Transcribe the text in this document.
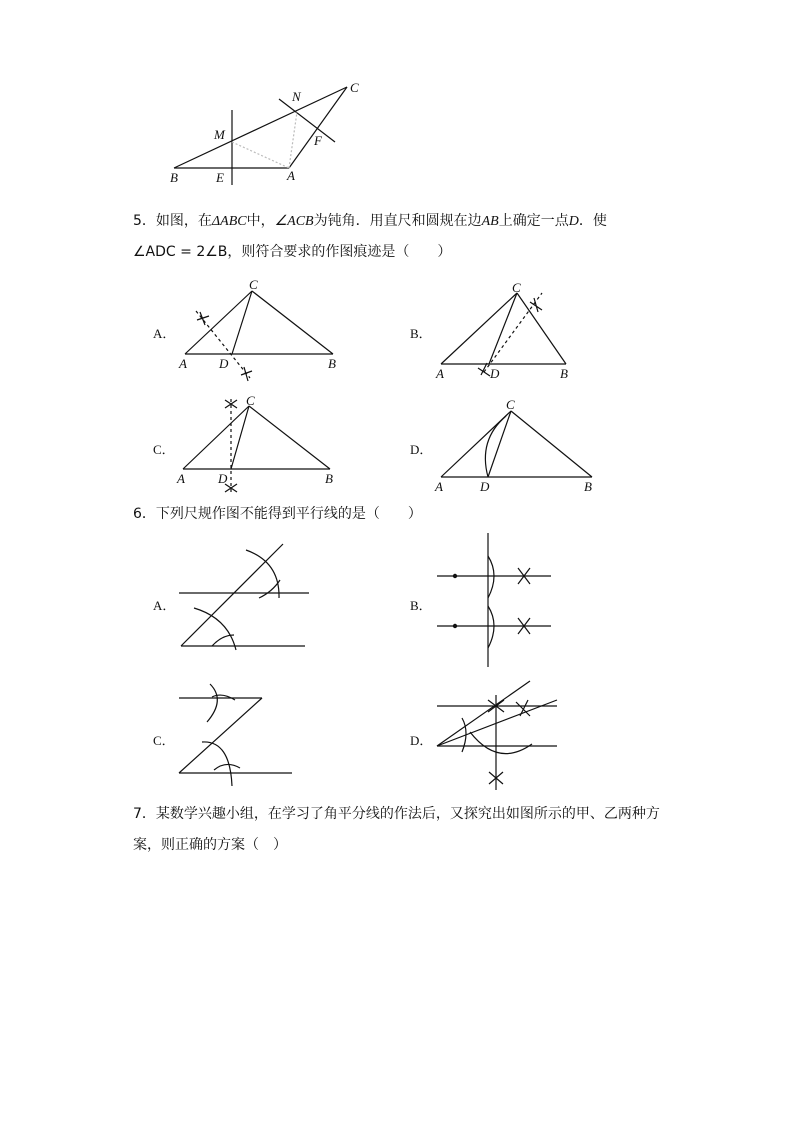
C
N
M	F
B	E	A
5．如图，在ΔABC中，∠ACB为钝角．用直尺和圆规在边AB上确定一点D．使
∠ADC = 2∠B，则符合要求的作图痕迹是（　　）
A．
C
A D	B
B．
C
A	D	B
C．
C
A	D	B
D．
C
A	D	B
6．下列尺规作图不能得到平行线的是（　　）
A．	B．
C．	D．
7．某数学兴趣小组，在学习了角平分线的作法后，又探究出如图所示的甲、乙两种方
案，则正确的方案（　）
